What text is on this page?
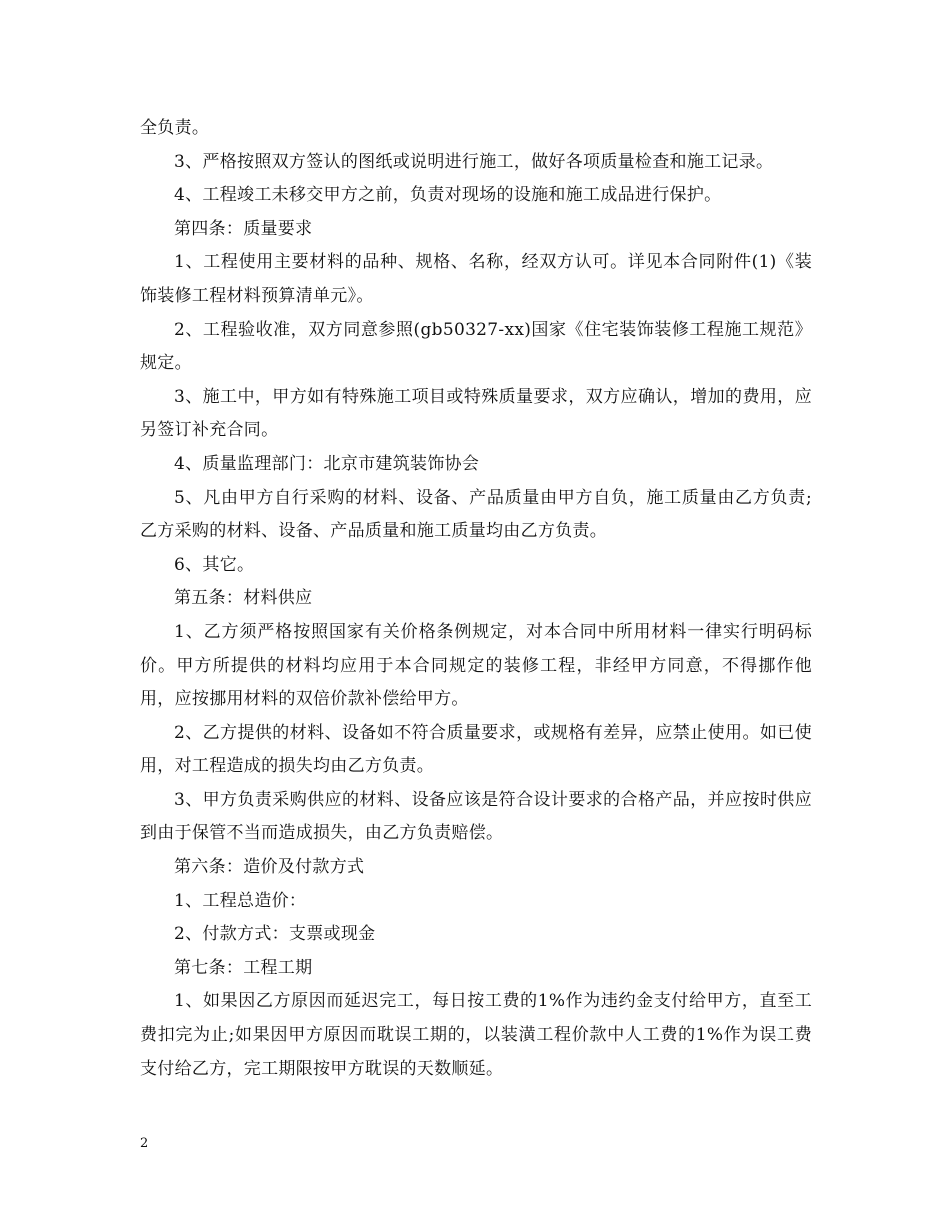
全负责。

3、严格按照双方签认的图纸或说明进行施工，做好各项质量检查和施工记录。

4、工程竣工未移交甲方之前，负责对现场的设施和施工成品进行保护。

第四条：质量要求

1、工程使用主要材料的品种、规格、名称，经双方认可。详见本合同附件(1)《装饰装修工程材料预算清单元》。

2、工程验收准，双方同意参照(gb50327-xx)国家《住宅装饰装修工程施工规范》规定。

3、施工中，甲方如有特殊施工项目或特殊质量要求，双方应确认，增加的费用，应另签订补充合同。

4、质量监理部门：北京市建筑装饰协会

5、凡由甲方自行采购的材料、设备、产品质量由甲方自负，施工质量由乙方负责;乙方采购的材料、设备、产品质量和施工质量均由乙方负责。

6、其它。

第五条：材料供应

1、乙方须严格按照国家有关价格条例规定，对本合同中所用材料一律实行明码标价。甲方所提供的材料均应用于本合同规定的装修工程，非经甲方同意，不得挪作他用，应按挪用材料的双倍价款补偿给甲方。

2、乙方提供的材料、设备如不符合质量要求，或规格有差异，应禁止使用。如已使用，对工程造成的损失均由乙方负责。

3、甲方负责采购供应的材料、设备应该是符合设计要求的合格产品，并应按时供应到由于保管不当而造成损失，由乙方负责赔偿。

第六条：造价及付款方式

1、工程总造价：

2、付款方式：支票或现金

第七条：工程工期

1、如果因乙方原因而延迟完工，每日按工费的1%作为违约金支付给甲方，直至工费扣完为止;如果因甲方原因而耽误工期的，以装潢工程价款中人工费的1%作为误工费支付给乙方，完工期限按甲方耽误的天数顺延。

2
